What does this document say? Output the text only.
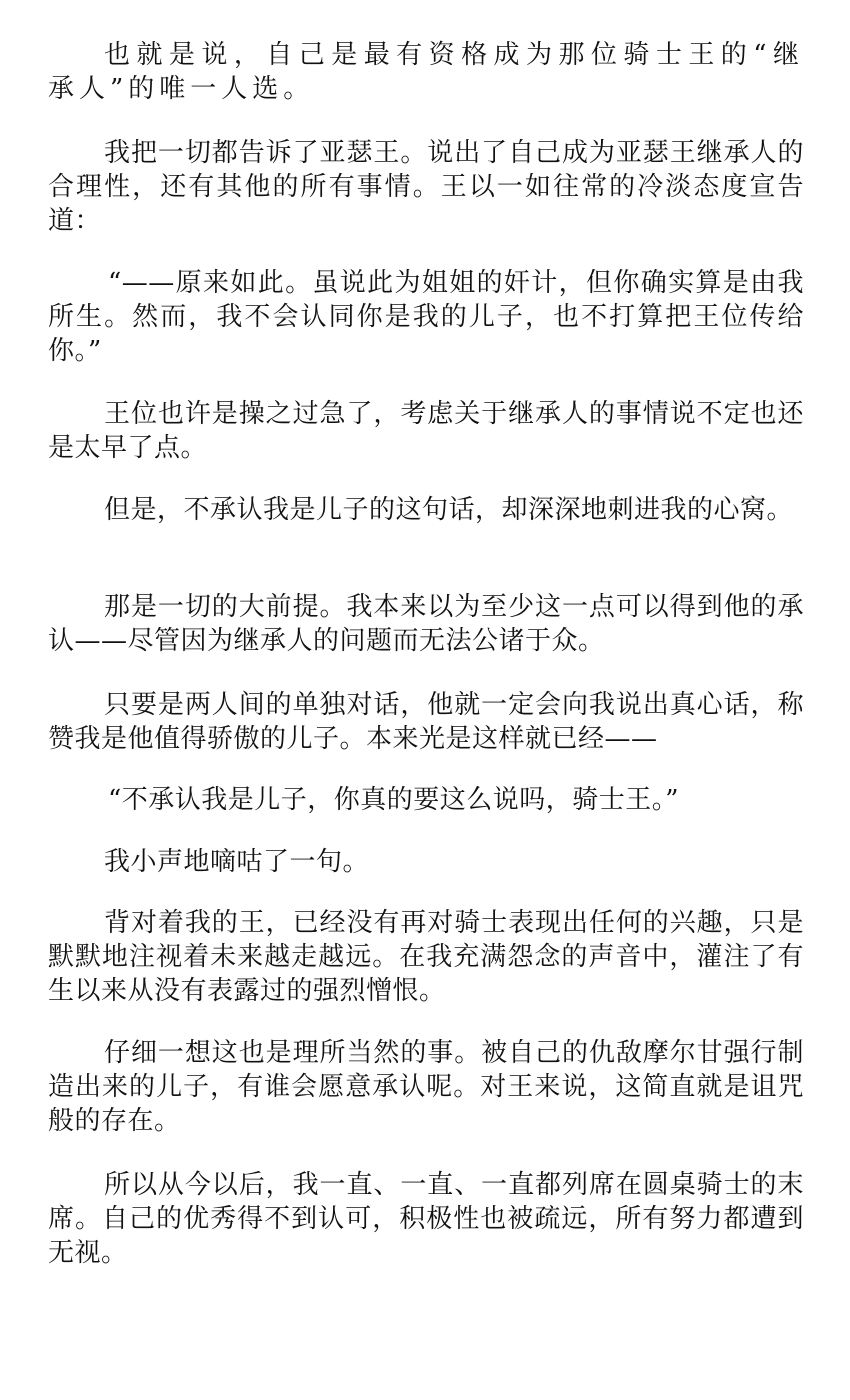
也就是说，自己是最有资格成为那位骑士王的“继承人”的唯一人选。

我把一切都告诉了亚瑟王。说出了自己成为亚瑟王继承人的合理性，还有其他的所有事情。王以一如往常的冷淡态度宣告道：

“——原来如此。虽说此为姐姐的奸计，但你确实算是由我所生。然而，我不会认同你是我的儿子，也不打算把王位传给你。”

王位也许是操之过急了，考虑关于继承人的事情说不定也还是太早了点。

但是，不承认我是儿子的这句话，却深深地刺进我的心窝。

那是一切的大前提。我本来以为至少这一点可以得到他的承认——尽管因为继承人的问题而无法公诸于众。

只要是两人间的单独对话，他就一定会向我说出真心话，称赞我是他值得骄傲的儿子。本来光是这样就已经——

“不承认我是儿子，你真的要这么说吗，骑士王。”

我小声地嘀咕了一句。

背对着我的王，已经没有再对骑士表现出任何的兴趣，只是默默地注视着未来越走越远。在我充满怨念的声音中，灌注了有生以来从没有表露过的强烈憎恨。

仔细一想这也是理所当然的事。被自己的仇敌摩尔甘强行制造出来的儿子，有谁会愿意承认呢。对王来说，这简直就是诅咒般的存在。

所以从今以后，我一直、一直、一直都列席在圆桌骑士的末席。自己的优秀得不到认可，积极性也被疏远，所有努力都遭到无视。
